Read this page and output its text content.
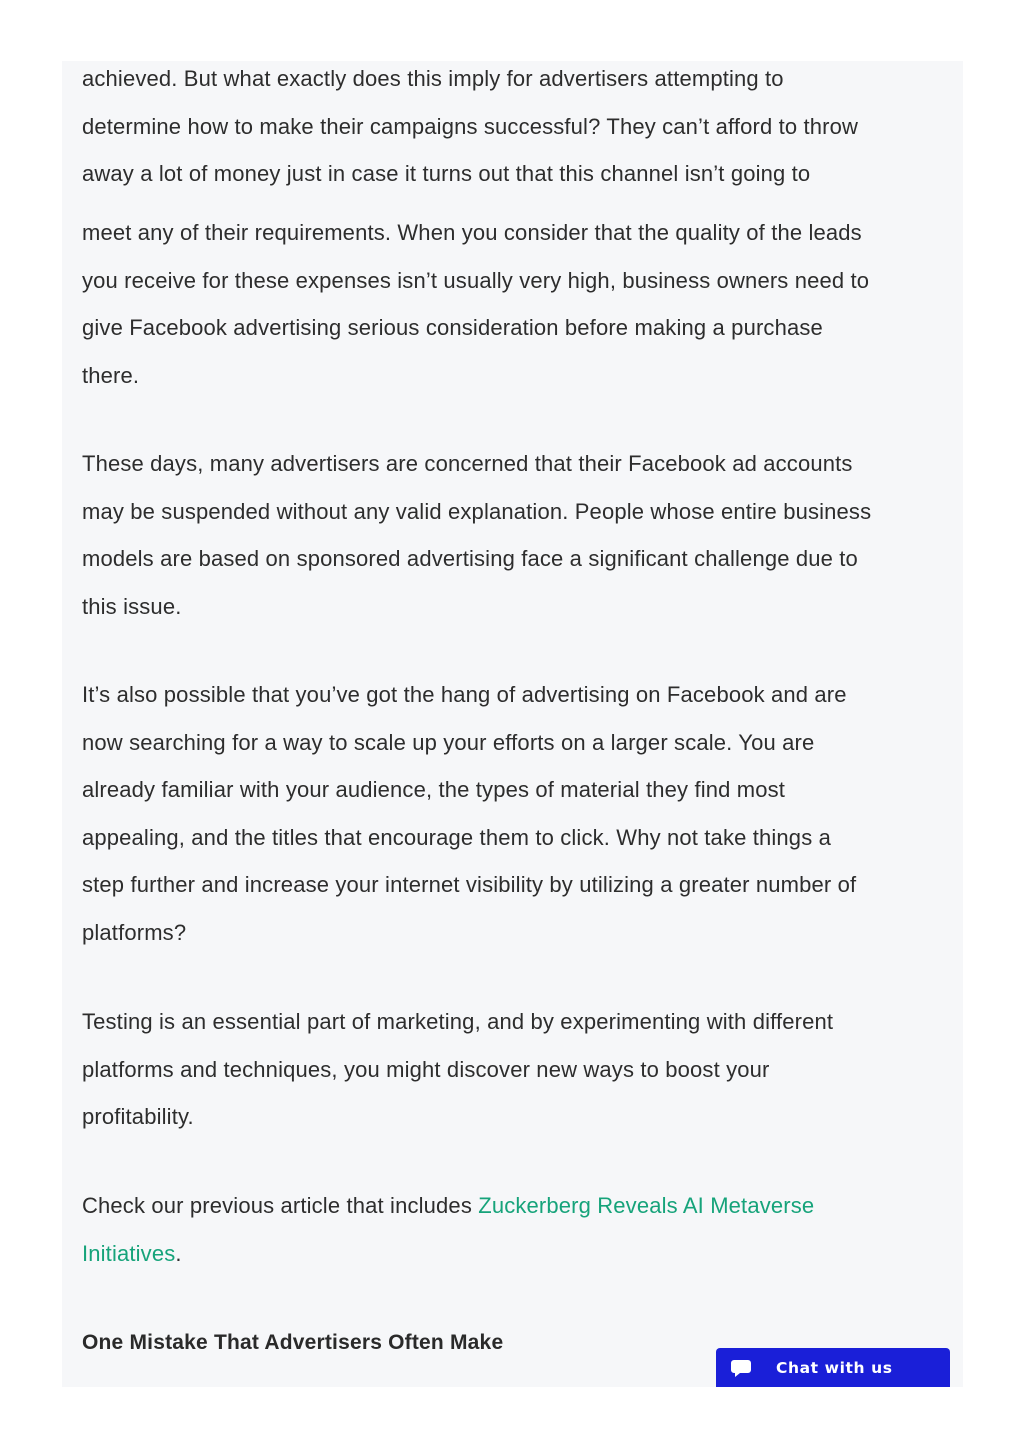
achieved. But what exactly does this imply for advertisers attempting to
determine how to make their campaigns successful? They can’t afford to throw
away a lot of money just in case it turns out that this channel isn’t going to

meet any of their requirements. When you consider that the quality of the leads
you receive for these expenses isn’t usually very high, business owners need to
give Facebook advertising serious consideration before making a purchase
there.

These days, many advertisers are concerned that their Facebook ad accounts
may be suspended without any valid explanation. People whose entire business
models are based on sponsored advertising face a significant challenge due to
this issue.

It’s also possible that you’ve got the hang of advertising on Facebook and are
now searching for a way to scale up your efforts on a larger scale. You are
already familiar with your audience, the types of material they find most
appealing, and the titles that encourage them to click. Why not take things a
step further and increase your internet visibility by utilizing a greater number of
platforms?

Testing is an essential part of marketing, and by experimenting with different
platforms and techniques, you might discover new ways to boost your
profitability.

Check our previous article that includes Zuckerberg Reveals AI Metaverse
Initiatives.

One Mistake That Advertisers Often Make
Chat with us
